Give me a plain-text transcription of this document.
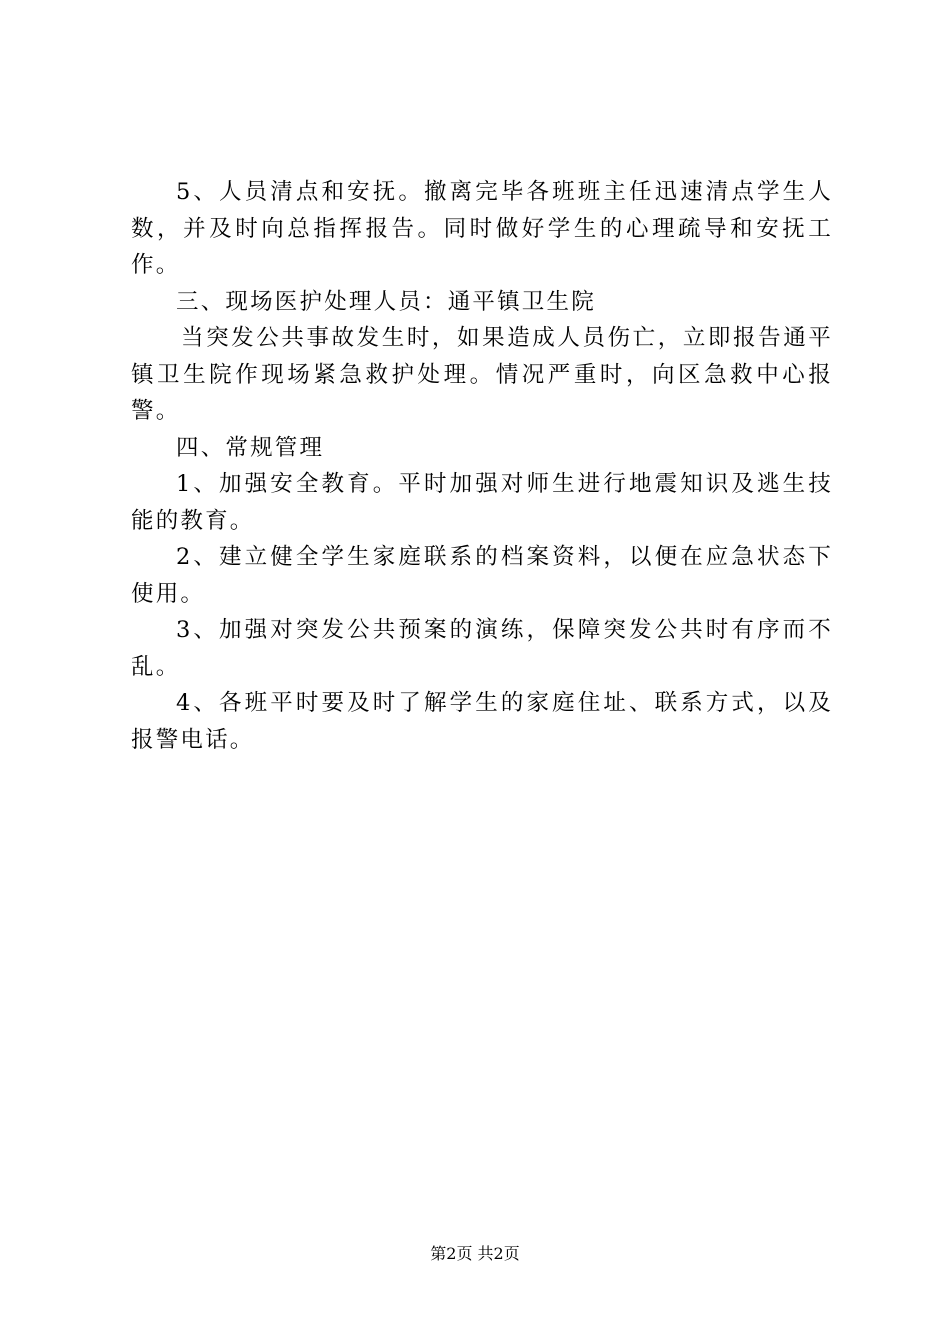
5、人员清点和安抚。撤离完毕各班班主任迅速清点学生人数，并及时向总指挥报告。同时做好学生的心理疏导和安抚工作。

三、现场医护处理人员：通平镇卫生院

当突发公共事故发生时，如果造成人员伤亡，立即报告通平镇卫生院作现场紧急救护处理。情况严重时，向区急救中心报警。

四、常规管理

1、加强安全教育。平时加强对师生进行地震知识及逃生技能的教育。

2、建立健全学生家庭联系的档案资料，以便在应急状态下使用。

3、加强对突发公共预案的演练，保障突发公共时有序而不乱。

4、各班平时要及时了解学生的家庭住址、联系方式，以及报警电话。

第2页 共2页
